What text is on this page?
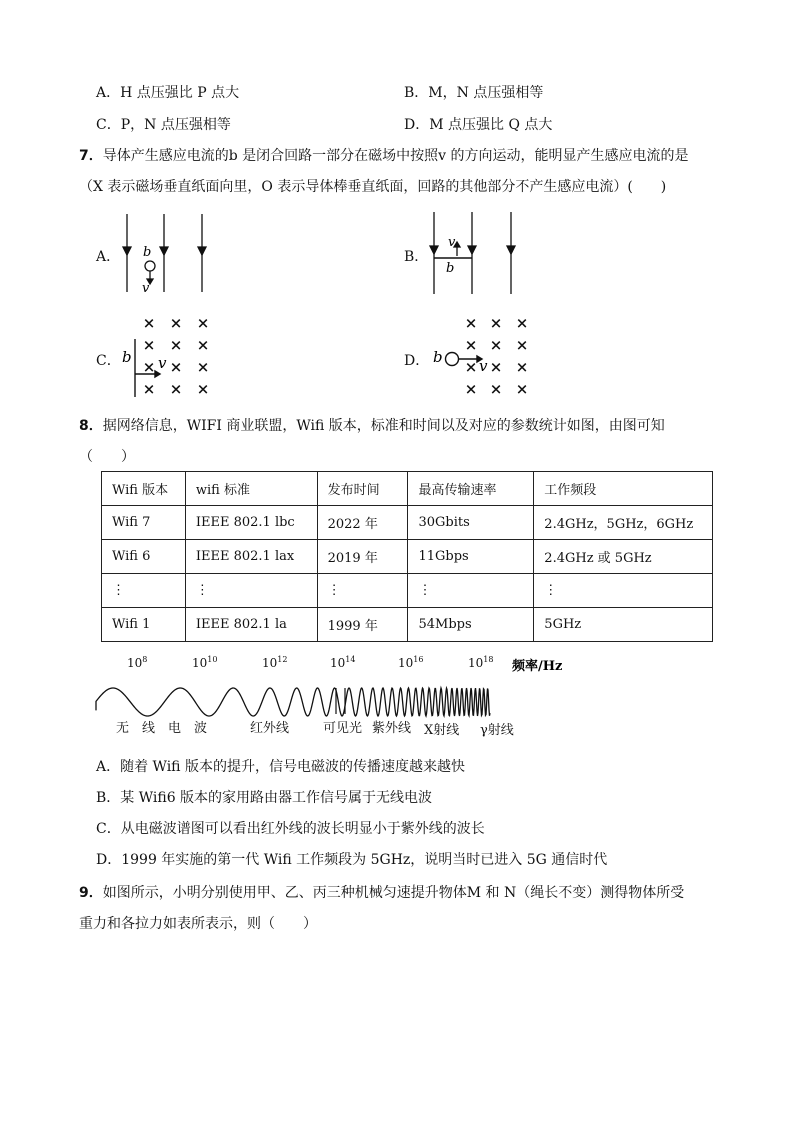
A．H 点压强比 P 点大	B．M，N 点压强相等
C．P，N 点压强相等	D．M 点压强比 Q 点大
7．导体产生感应电流的b 是闭合回路一部分在磁场中按照v 的方向运动，能明显产生感应电流的是
（X 表示磁场垂直纸面向里，O 表示导体棒垂直纸面，回路的其他部分不产生感应电流）(　　)
A． b
v
B．
v
b
C．
× × ×
× × ×
× × ×
× × ×
b v	D．
× × ×
× × ×
× × ×
× × ×
b v
8．据网络信息，WIFI 商业联盟，Wifi 版本，标准和时间以及对应的参数统计如图，由图可知
（　　）
Wifi 版本	wifi 标准	发布时间	最高传输速率	工作频段
Wifi 7	IEEE 802.1 lbc	2022 年	30Gbits	2.4GHz，5GHz，6GHz
Wifi 6	IEEE 802.1 lax	2019 年	11Gbps	2.4GHz 或 5GHz
⋮	⋮	⋮	⋮	⋮
Wifi 1	IEEE 802.1 la	1999 年	54Mbps	5GHz
$10^8$	$10^{10}$	$10^{12}$	$10^{14}$	$10^{16}$	$10^{18}$ 频率/Hz
无　线　电　波	红外线	可见光 紫外线 X射线 γ射线
A．随着 Wifi 版本的提升，信号电磁波的传播速度越来越快
B．某 Wifi6 版本的家用路由器工作信号属于无线电波
C．从电磁波谱图可以看出红外线的波长明显小于紫外线的波长
D．1999 年实施的第一代 Wifi 工作频段为 5GHz，说明当时已进入 5G 通信时代
9．如图所示，小明分别使用甲、乙、丙三种机械匀速提升物体M 和 N（绳长不变）测得物体所受
重力和各拉力如表所表示，则（　　）
